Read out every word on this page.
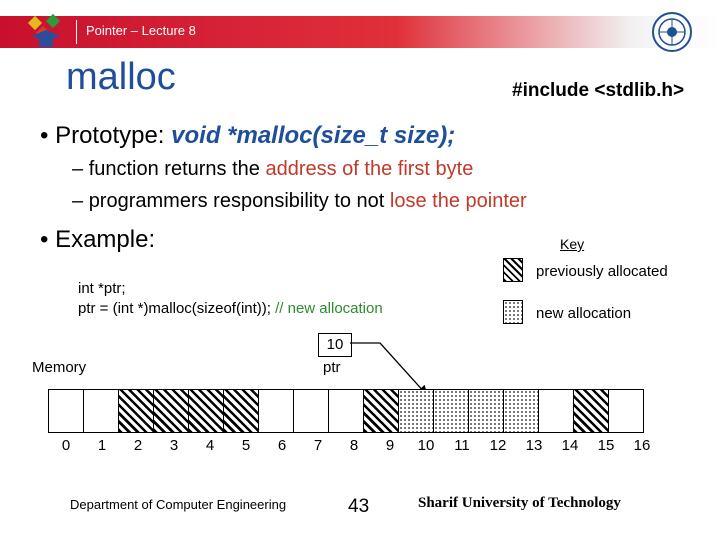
Pointer – Lecture 8
malloc	#include <stdlib.h>
• Prototype: void *malloc(size_t size);
– function returns the address of the first byte
– programmers responsibility to not lose the pointer
• Example:
int *ptr;
ptr = (int *)malloc(sizeof(int)); // new allocation
Key
previously allocated
new allocation
Memory
10
ptr
0	1	2	3	4	5	6	7	8	9	10	11	12	13	14	15	16
Department of Computer Engineering	43	Sharif University of Technology
